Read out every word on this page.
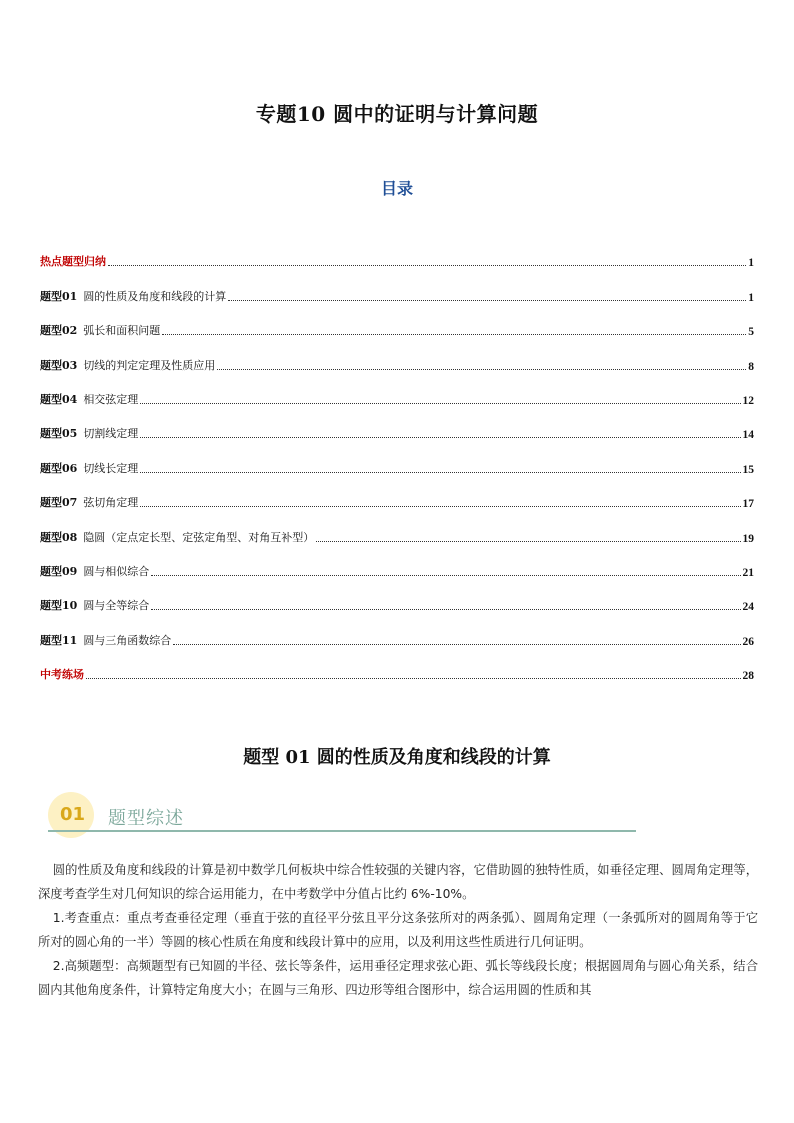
专题10 圆中的证明与计算问题
目录
热点题型归纳	1
题型01 圆的性质及角度和线段的计算	1
题型02 弧长和面积问题	5
题型03 切线的判定定理及性质应用	8
题型04 相交弦定理	12
题型05 切割线定理	14
题型06 切线长定理	15
题型07 弦切角定理	17
题型08 隐圆（定点定长型、定弦定角型、对角互补型）	19
题型09 圆与相似综合	21
题型10 圆与全等综合	24
题型11 圆与三角函数综合	26
中考练场	28
题型 01 圆的性质及角度和线段的计算
01 题型综述

圆的性质及角度和线段的计算是初中数学几何板块中综合性较强的关键内容，它借助圆的独特性质，如垂径定理、圆周角定理等，深度考查学生对几何知识的综合运用能力，在中考数学中分值占比约 6%-10%。

1.考查重点：重点考查垂径定理（垂直于弦的直径平分弦且平分这条弦所对的两条弧）、圆周角定理（一条弧所对的圆周角等于它所对的圆心角的一半）等圆的核心性质在角度和线段计算中的应用，以及利用这些性质进行几何证明。

2.高频题型：高频题型有已知圆的半径、弦长等条件，运用垂径定理求弦心距、弧长等线段长度；根据圆周角与圆心角关系，结合圆内其他角度条件，计算特定角度大小；在圆与三角形、四边形等组合图形中，综合运用圆的性质和其
